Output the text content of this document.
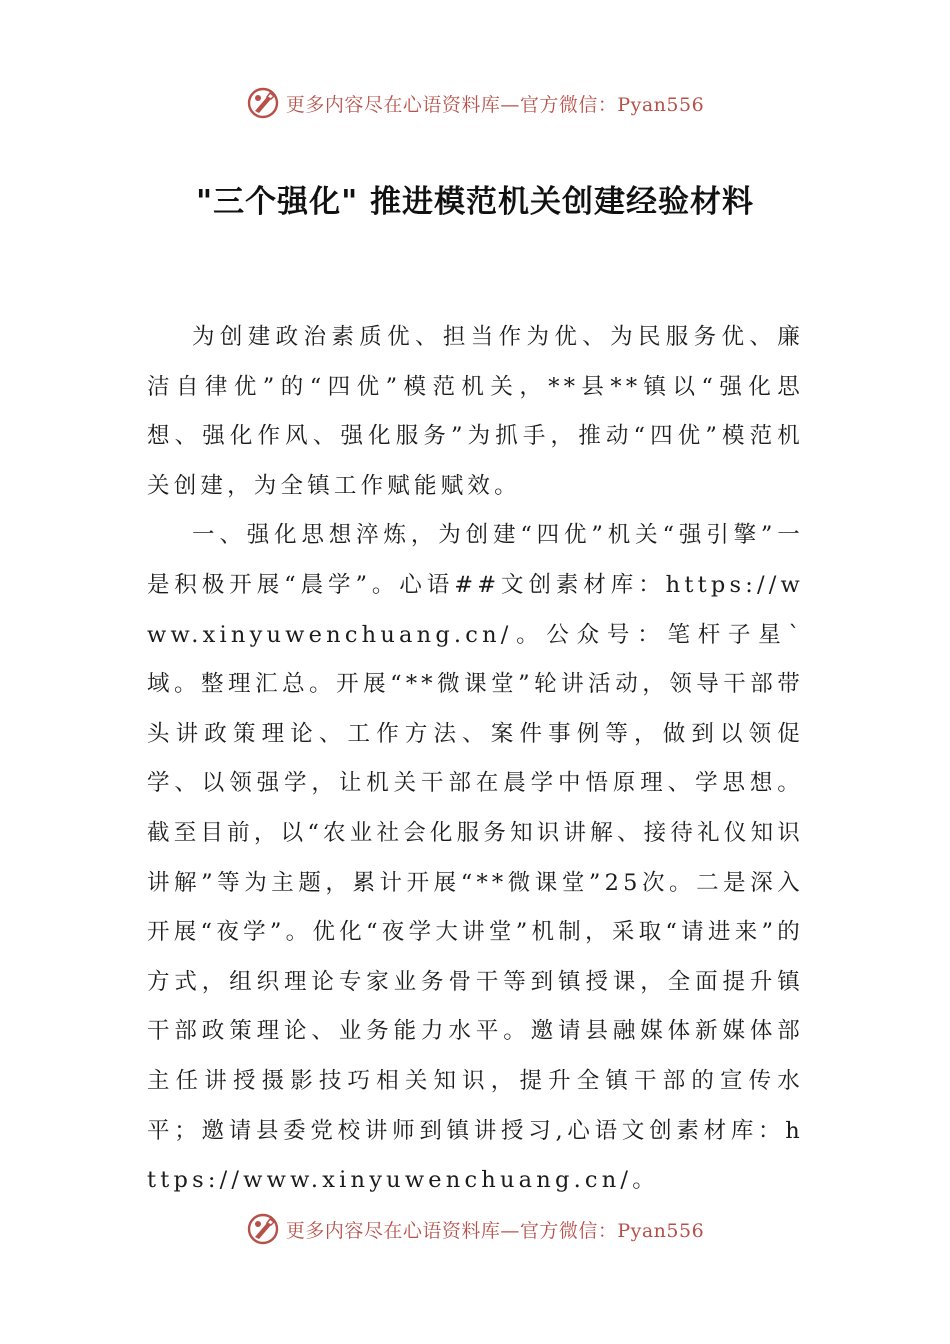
更多内容尽在心语资料库—官方微信：Pyan556
"三个强化" 推进模范机关创建经验材料

为创建政治素质优、担当作为优、为民服务优、廉洁自律优”的“四优”模范机关，**县**镇以“强化思想、强化作风、强化服务”为抓手，推动“四优”模范机关创建，为全镇工作赋能赋效。

一、强化思想淬炼，为创建“四优”机关“强引擎”一是积极开展“晨学”。心语##文创素材库：https://www.xinyuwenchuang.cn/。公众号：笔杆子星`域。整理汇总。开展“**微课堂”轮讲活动，领导干部带头讲政策理论、工作方法、案件事例等，做到以领促学、以领强学，让机关干部在晨学中悟原理、学思想。截至目前，以“农业社会化服务知识讲解、接待礼仪知识讲解”等为主题，累计开展“**微课堂”25次。二是深入开展“夜学”。优化“夜学大讲堂”机制，采取“请进来”的方式，组织理论专家业务骨干等到镇授课，全面提升镇干部政策理论、业务能力水平。邀请县融媒体新媒体部主任讲授摄影技巧相关知识，提升全镇干部的宣传水平；邀请县委党校讲师到镇讲授习,心语文创素材库：https://www.xinyuwenchuang.cn/。

更多内容尽在心语资料库—官方微信：Pyan556
